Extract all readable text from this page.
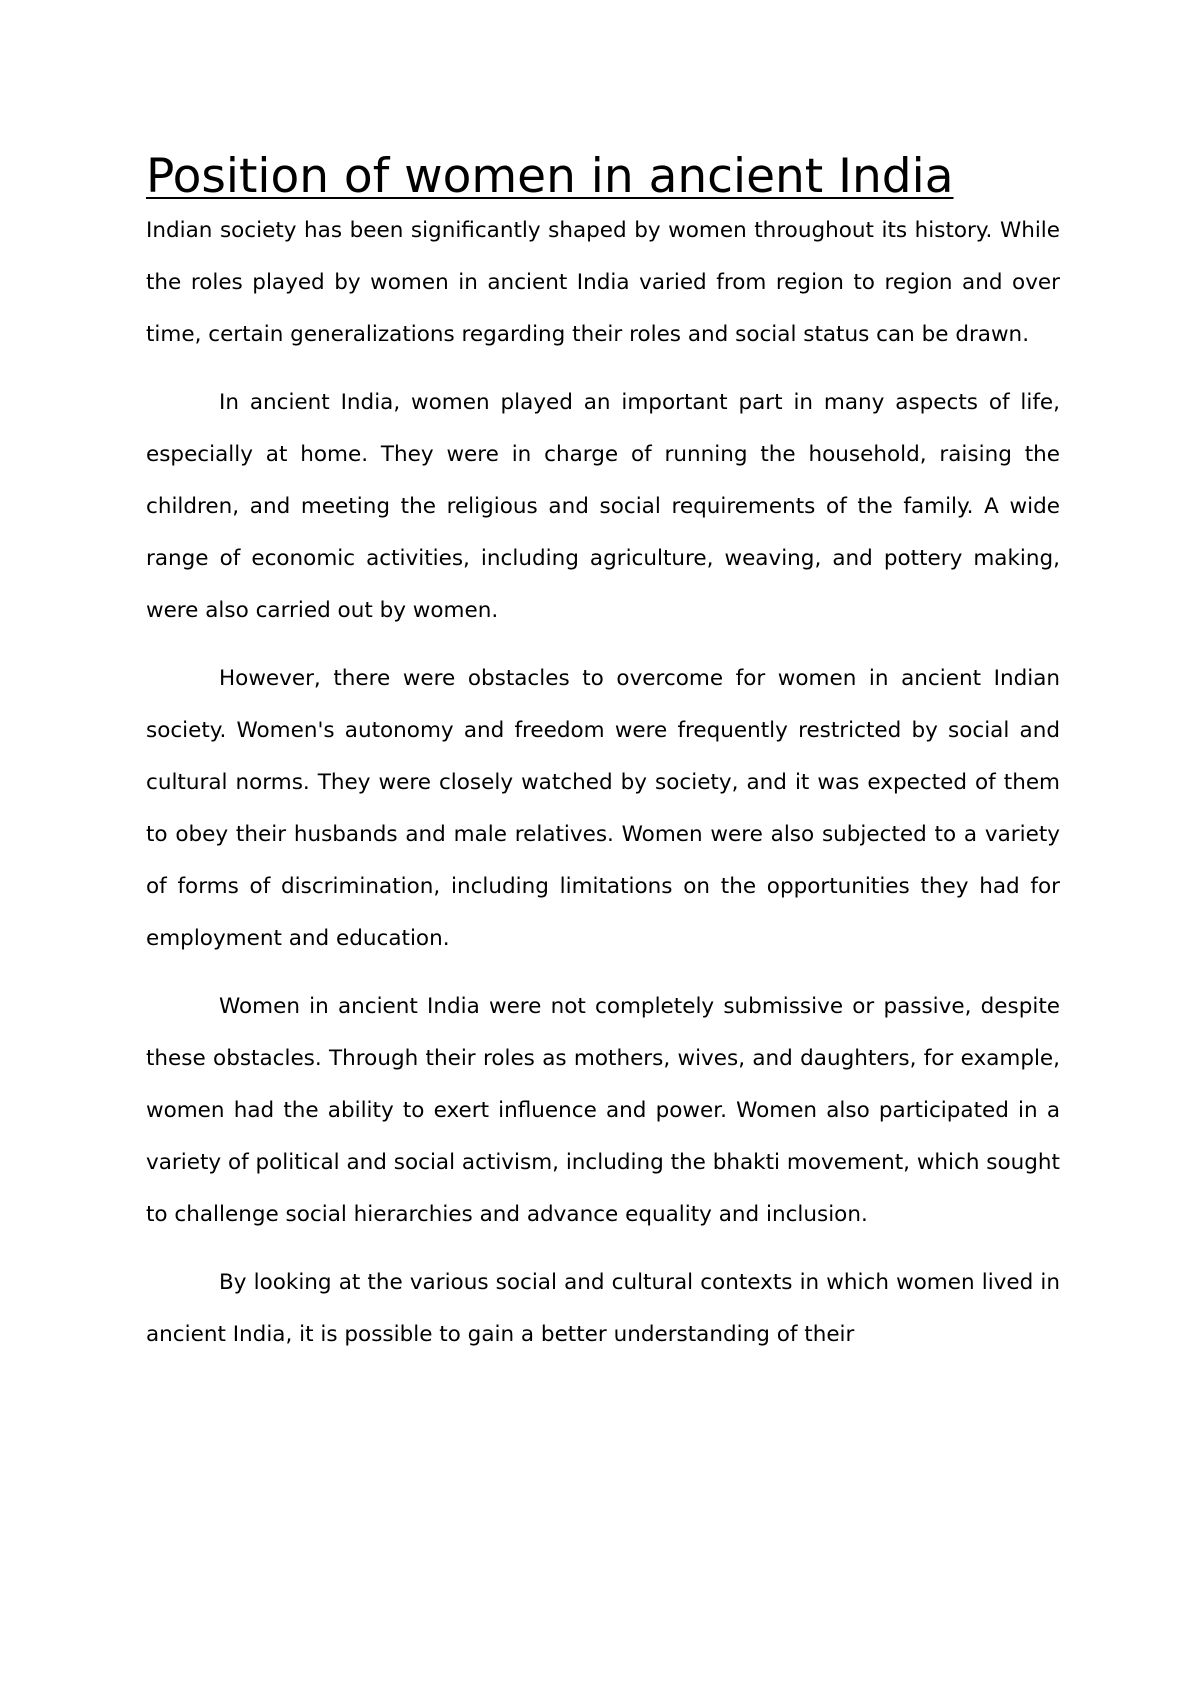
Position of women in ancient India

Indian society has been significantly shaped by women throughout its history. While the roles played by women in ancient India varied from region to region and over time, certain generalizations regarding their roles and social status can be drawn.

In ancient India, women played an important part in many aspects of life, especially at home. They were in charge of running the household, raising the children, and meeting the religious and social requirements of the family. A wide range of economic activities, including agriculture, weaving, and pottery making, were also carried out by women.

However, there were obstacles to overcome for women in ancient Indian society. Women's autonomy and freedom were frequently restricted by social and cultural norms. They were closely watched by society, and it was expected of them to obey their husbands and male relatives. Women were also subjected to a variety of forms of discrimination, including limitations on the opportunities they had for employment and education.

Women in ancient India were not completely submissive or passive, despite these obstacles. Through their roles as mothers, wives, and daughters, for example, women had the ability to exert influence and power. Women also participated in a variety of political and social activism, including the bhakti movement, which sought to challenge social hierarchies and advance equality and inclusion.

By looking at the various social and cultural contexts in which women lived in ancient India, it is possible to gain a better understanding of their
